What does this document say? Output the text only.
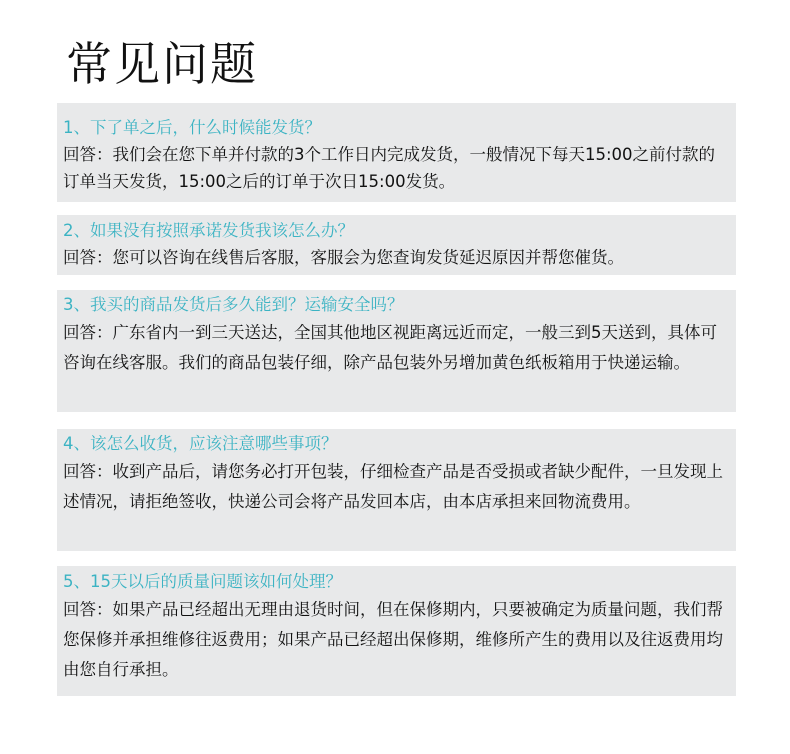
常见问题
1、下了单之后，什么时候能发货？
回答：我们会在您下单并付款的3个工作日内完成发货，一般情况下每天15:00之前付款的订单当天发货，15:00之后的订单于次日15:00发货。
2、如果没有按照承诺发货我该怎么办？
回答：您可以咨询在线售后客服，客服会为您查询发货延迟原因并帮您催货。
3、我买的商品发货后多久能到？运输安全吗？
回答：广东省内一到三天送达，全国其他地区视距离远近而定，一般三到5天送到，具体可咨询在线客服。我们的商品包装仔细，除产品包装外另增加黄色纸板箱用于快递运输。
4、该怎么收货，应该注意哪些事项？
回答：收到产品后，请您务必打开包装，仔细检查产品是否受损或者缺少配件，一旦发现上述情况，请拒绝签收，快递公司会将产品发回本店，由本店承担来回物流费用。
5、15天以后的质量问题该如何处理？
回答：如果产品已经超出无理由退货时间，但在保修期内，只要被确定为质量问题，我们帮您保修并承担维修往返费用；如果产品已经超出保修期，维修所产生的费用以及往返费用均由您自行承担。
